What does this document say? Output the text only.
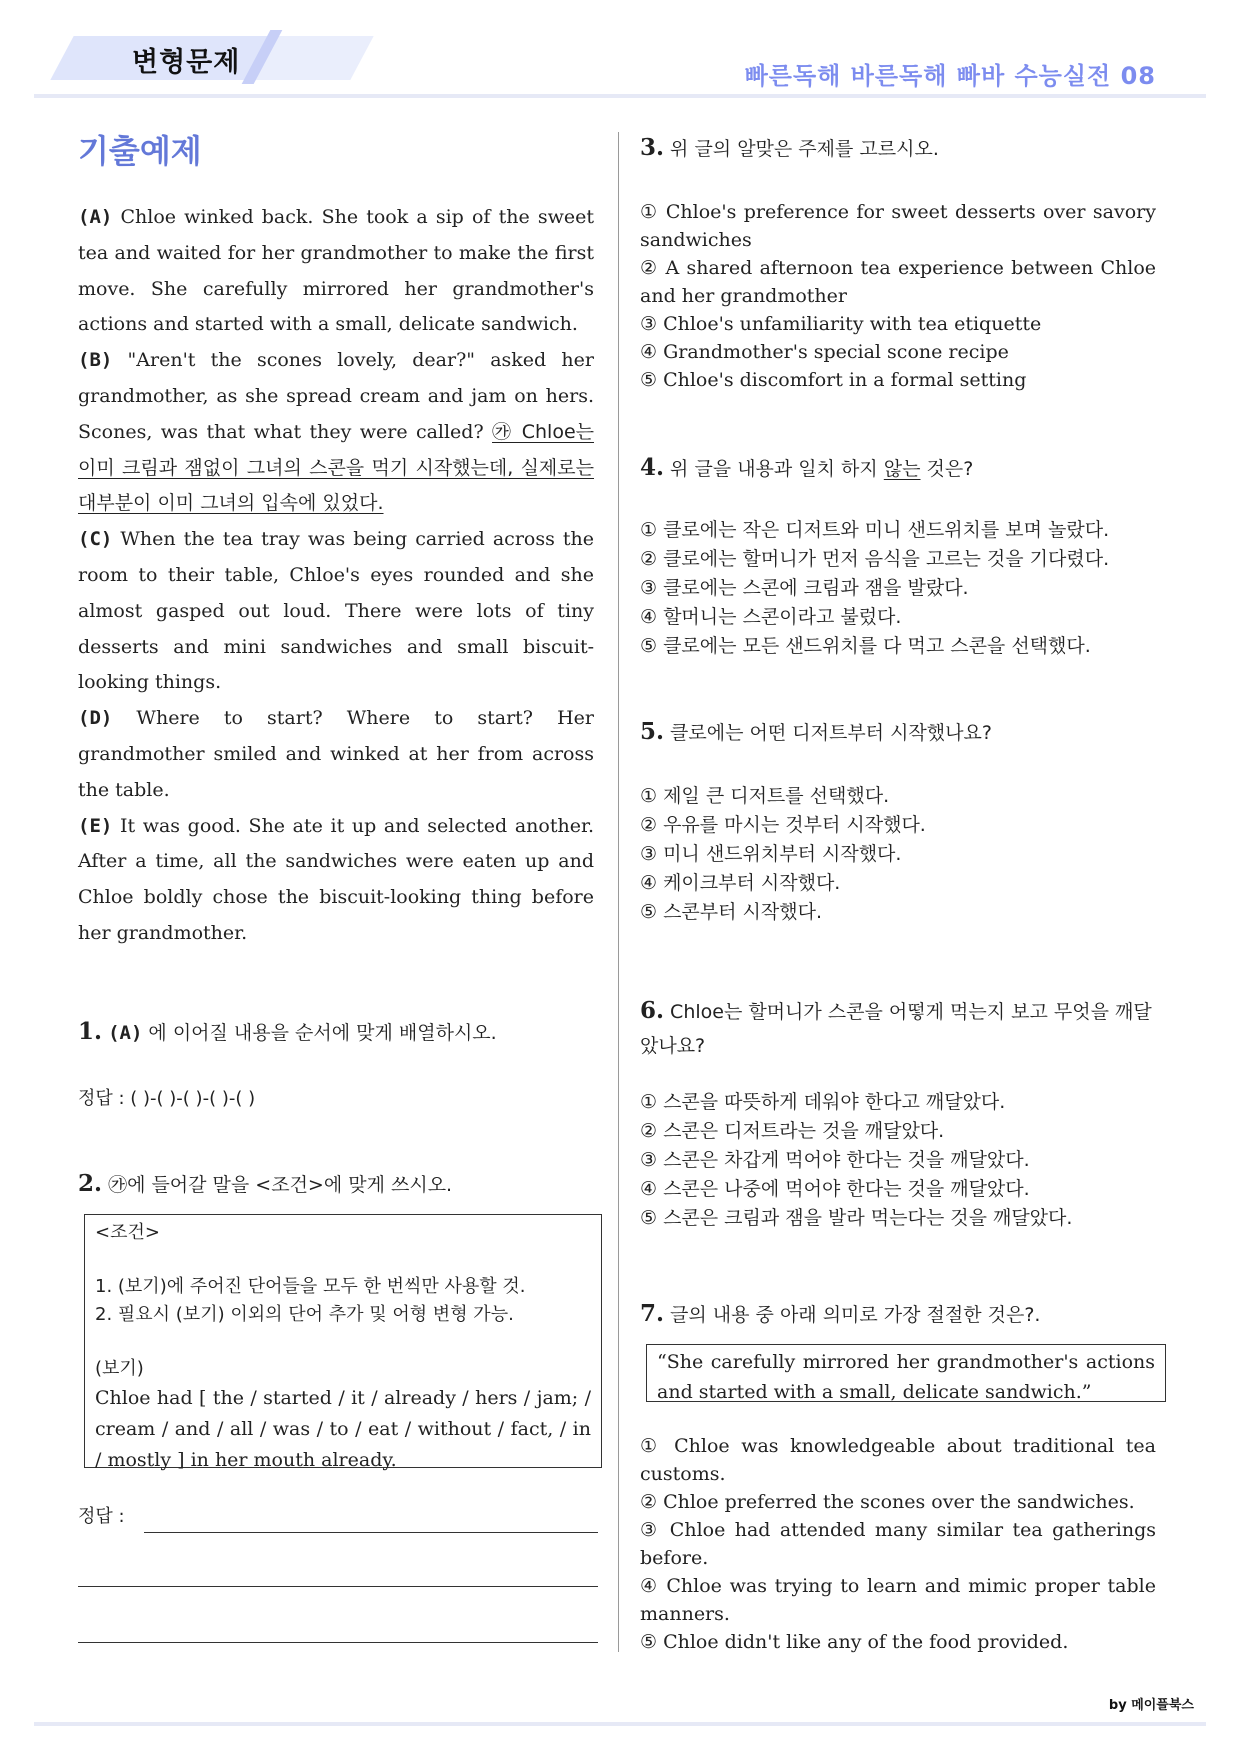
변형문제	빠른독해 바른독해 빠바 수능실전 08
기출예제

(A) Chloe winked back. She took a sip of the sweet tea and waited for her grandmother to make the first move. She carefully mirrored her grandmother's actions and started with a small, delicate sandwich.

(B) "Aren't the scones lovely, dear?" asked her grandmother, as she spread cream and jam on hers. Scones, was that what they were called? ㉮ Chloe는 이미 크림과 잼없이 그녀의 스콘을 먹기 시작했는데, 실제로는 대부분이 이미 그녀의 입속에 있었다.

(C) When the tea tray was being carried across the room to their table, Chloe's eyes rounded and she almost gasped out loud. There were lots of tiny desserts and mini sandwiches and small biscuit-looking things.

(D) Where to start? Where to start? Her grandmother smiled and winked at her from across the table.

(E) It was good. She ate it up and selected another. After a time, all the sandwiches were eaten up and Chloe boldly chose the biscuit-looking thing before her grandmother.

1. (A) 에 이어질 내용을 순서에 맞게 배열하시오.
정답 : ( )-( )-( )-( )-( )
2. ㉮에 들어갈 말을 <조건>에 맞게 쓰시오.
<조건>
1. (보기)에 주어진 단어들을 모두 한 번씩만 사용할 것.
2. 필요시 (보기) 이외의 단어 추가 및 어형 변형 가능.
(보기)
Chloe had [ the / started / it / already / hers / jam; / cream / and / all / was / to / eat / without / fact, / in / mostly ] in her mouth already.
정답 :
3. 위 글의 알맞은 주제를 고르시오.
① Chloe's preference for sweet desserts over savory sandwiches
② A shared afternoon tea experience between Chloe and her grandmother
③ Chloe's unfamiliarity with tea etiquette
④ Grandmother's special scone recipe
⑤ Chloe's discomfort in a formal setting
4. 위 글을 내용과 일치 하지 않는 것은?
① 클로에는 작은 디저트와 미니 샌드위치를 보며 놀랐다.
② 클로에는 할머니가 먼저 음식을 고르는 것을 기다렸다.
③ 클로에는 스콘에 크림과 잼을 발랐다.
④ 할머니는 스콘이라고 불렀다.
⑤ 클로에는 모든 샌드위치를 다 먹고 스콘을 선택했다.
5. 클로에는 어떤 디저트부터 시작했나요?
① 제일 큰 디저트를 선택했다.
② 우유를 마시는 것부터 시작했다.
③ 미니 샌드위치부터 시작했다.
④ 케이크부터 시작했다.
⑤ 스콘부터 시작했다.
6. Chloe는 할머니가 스콘을 어떻게 먹는지 보고 무엇을 깨달았나요?
① 스콘을 따뜻하게 데워야 한다고 깨달았다.
② 스콘은 디저트라는 것을 깨달았다.
③ 스콘은 차갑게 먹어야 한다는 것을 깨달았다.
④ 스콘은 나중에 먹어야 한다는 것을 깨달았다.
⑤ 스콘은 크림과 잼을 발라 먹는다는 것을 깨달았다.
7. 글의 내용 중 아래 의미로 가장 절절한 것은?.
“She carefully mirrored her grandmother's actions and started with a small, delicate sandwich.”
① Chloe was knowledgeable about traditional tea customs.
② Chloe preferred the scones over the sandwiches.
③ Chloe had attended many similar tea gatherings before.
④ Chloe was trying to learn and mimic proper table manners.
⑤ Chloe didn't like any of the food provided.
by 메이플북스
